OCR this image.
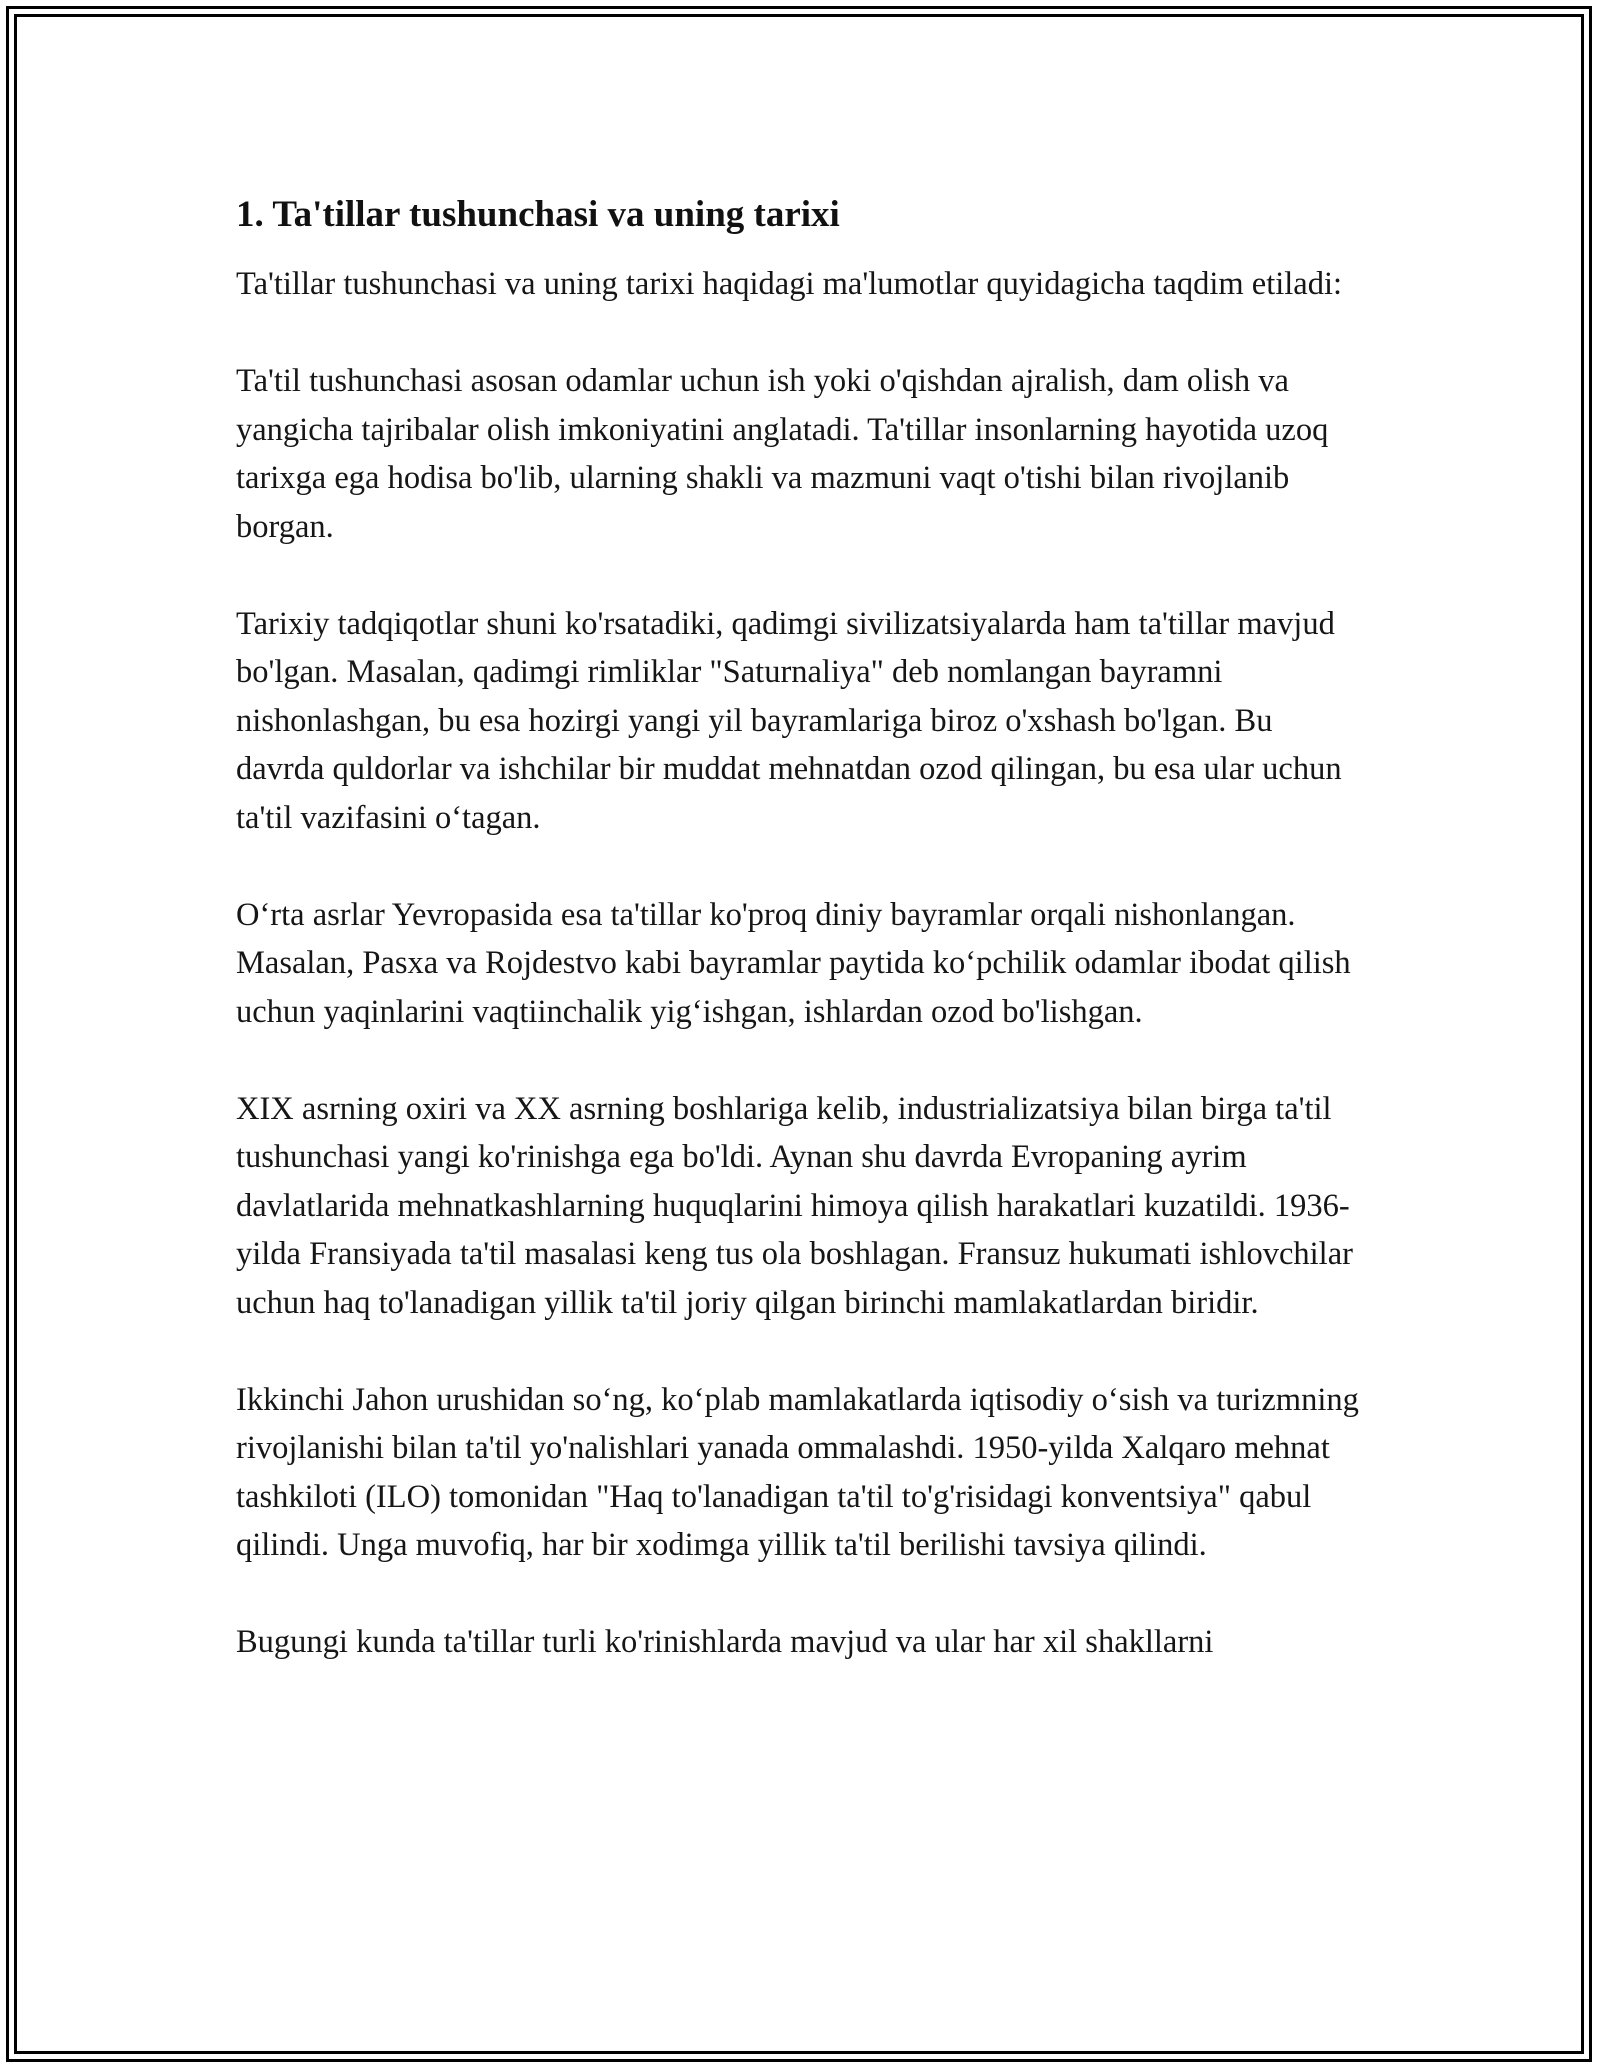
1. Ta'tillar tushunchasi va uning tarixi

Ta'tillar tushunchasi va uning tarixi haqidagi ma'lumotlar quyidagicha taqdim etiladi:

Ta'til tushunchasi asosan odamlar uchun ish yoki o'qishdan ajralish, dam olish va yangicha tajribalar olish imkoniyatini anglatadi. Ta'tillar insonlarning hayotida uzoq tarixga ega hodisa bo'lib, ularning shakli va mazmuni vaqt o'tishi bilan rivojlanib borgan.

Tarixiy tadqiqotlar shuni ko'rsatadiki, qadimgi sivilizatsiyalarda ham ta'tillar mavjud bo'lgan. Masalan, qadimgi rimliklar "Saturnaliya" deb nomlangan bayramni nishonlashgan, bu esa hozirgi yangi yil bayramlariga biroz o'xshash bo'lgan. Bu davrda quldorlar va ishchilar bir muddat mehnatdan ozod qilingan, bu esa ular uchun ta'til vazifasini o‘tagan.

O‘rta asrlar Yevropasida esa ta'tillar ko'proq diniy bayramlar orqali nishonlangan. Masalan, Pasxa va Rojdestvo kabi bayramlar paytida ko‘pchilik odamlar ibodat qilish uchun yaqinlarini vaqtiinchalik yig‘ishgan, ishlardan ozod bo'lishgan.

XIX asrning oxiri va XX asrning boshlariga kelib, industrializatsiya bilan birga ta'til tushunchasi yangi ko'rinishga ega bo'ldi. Aynan shu davrda Evropaning ayrim davlatlarida mehnatkashlarning huquqlarini himoya qilish harakatlari kuzatildi. 1936-yilda Fransiyada ta'til masalasi keng tus ola boshlagan. Fransuz hukumati ishlovchilar uchun haq to'lanadigan yillik ta'til joriy qilgan birinchi mamlakatlardan biridir.

Ikkinchi Jahon urushidan so‘ng, ko‘plab mamlakatlarda iqtisodiy o‘sish va turizmning rivojlanishi bilan ta'til yo'nalishlari yanada ommalashdi. 1950-yilda Xalqaro mehnat tashkiloti (ILO) tomonidan "Haq to'lanadigan ta'til to'g'risidagi konventsiya" qabul qilindi. Unga muvofiq, har bir xodimga yillik ta'til berilishi tavsiya qilindi.

Bugungi kunda ta'tillar turli ko'rinishlarda mavjud va ular har xil shakllarni
